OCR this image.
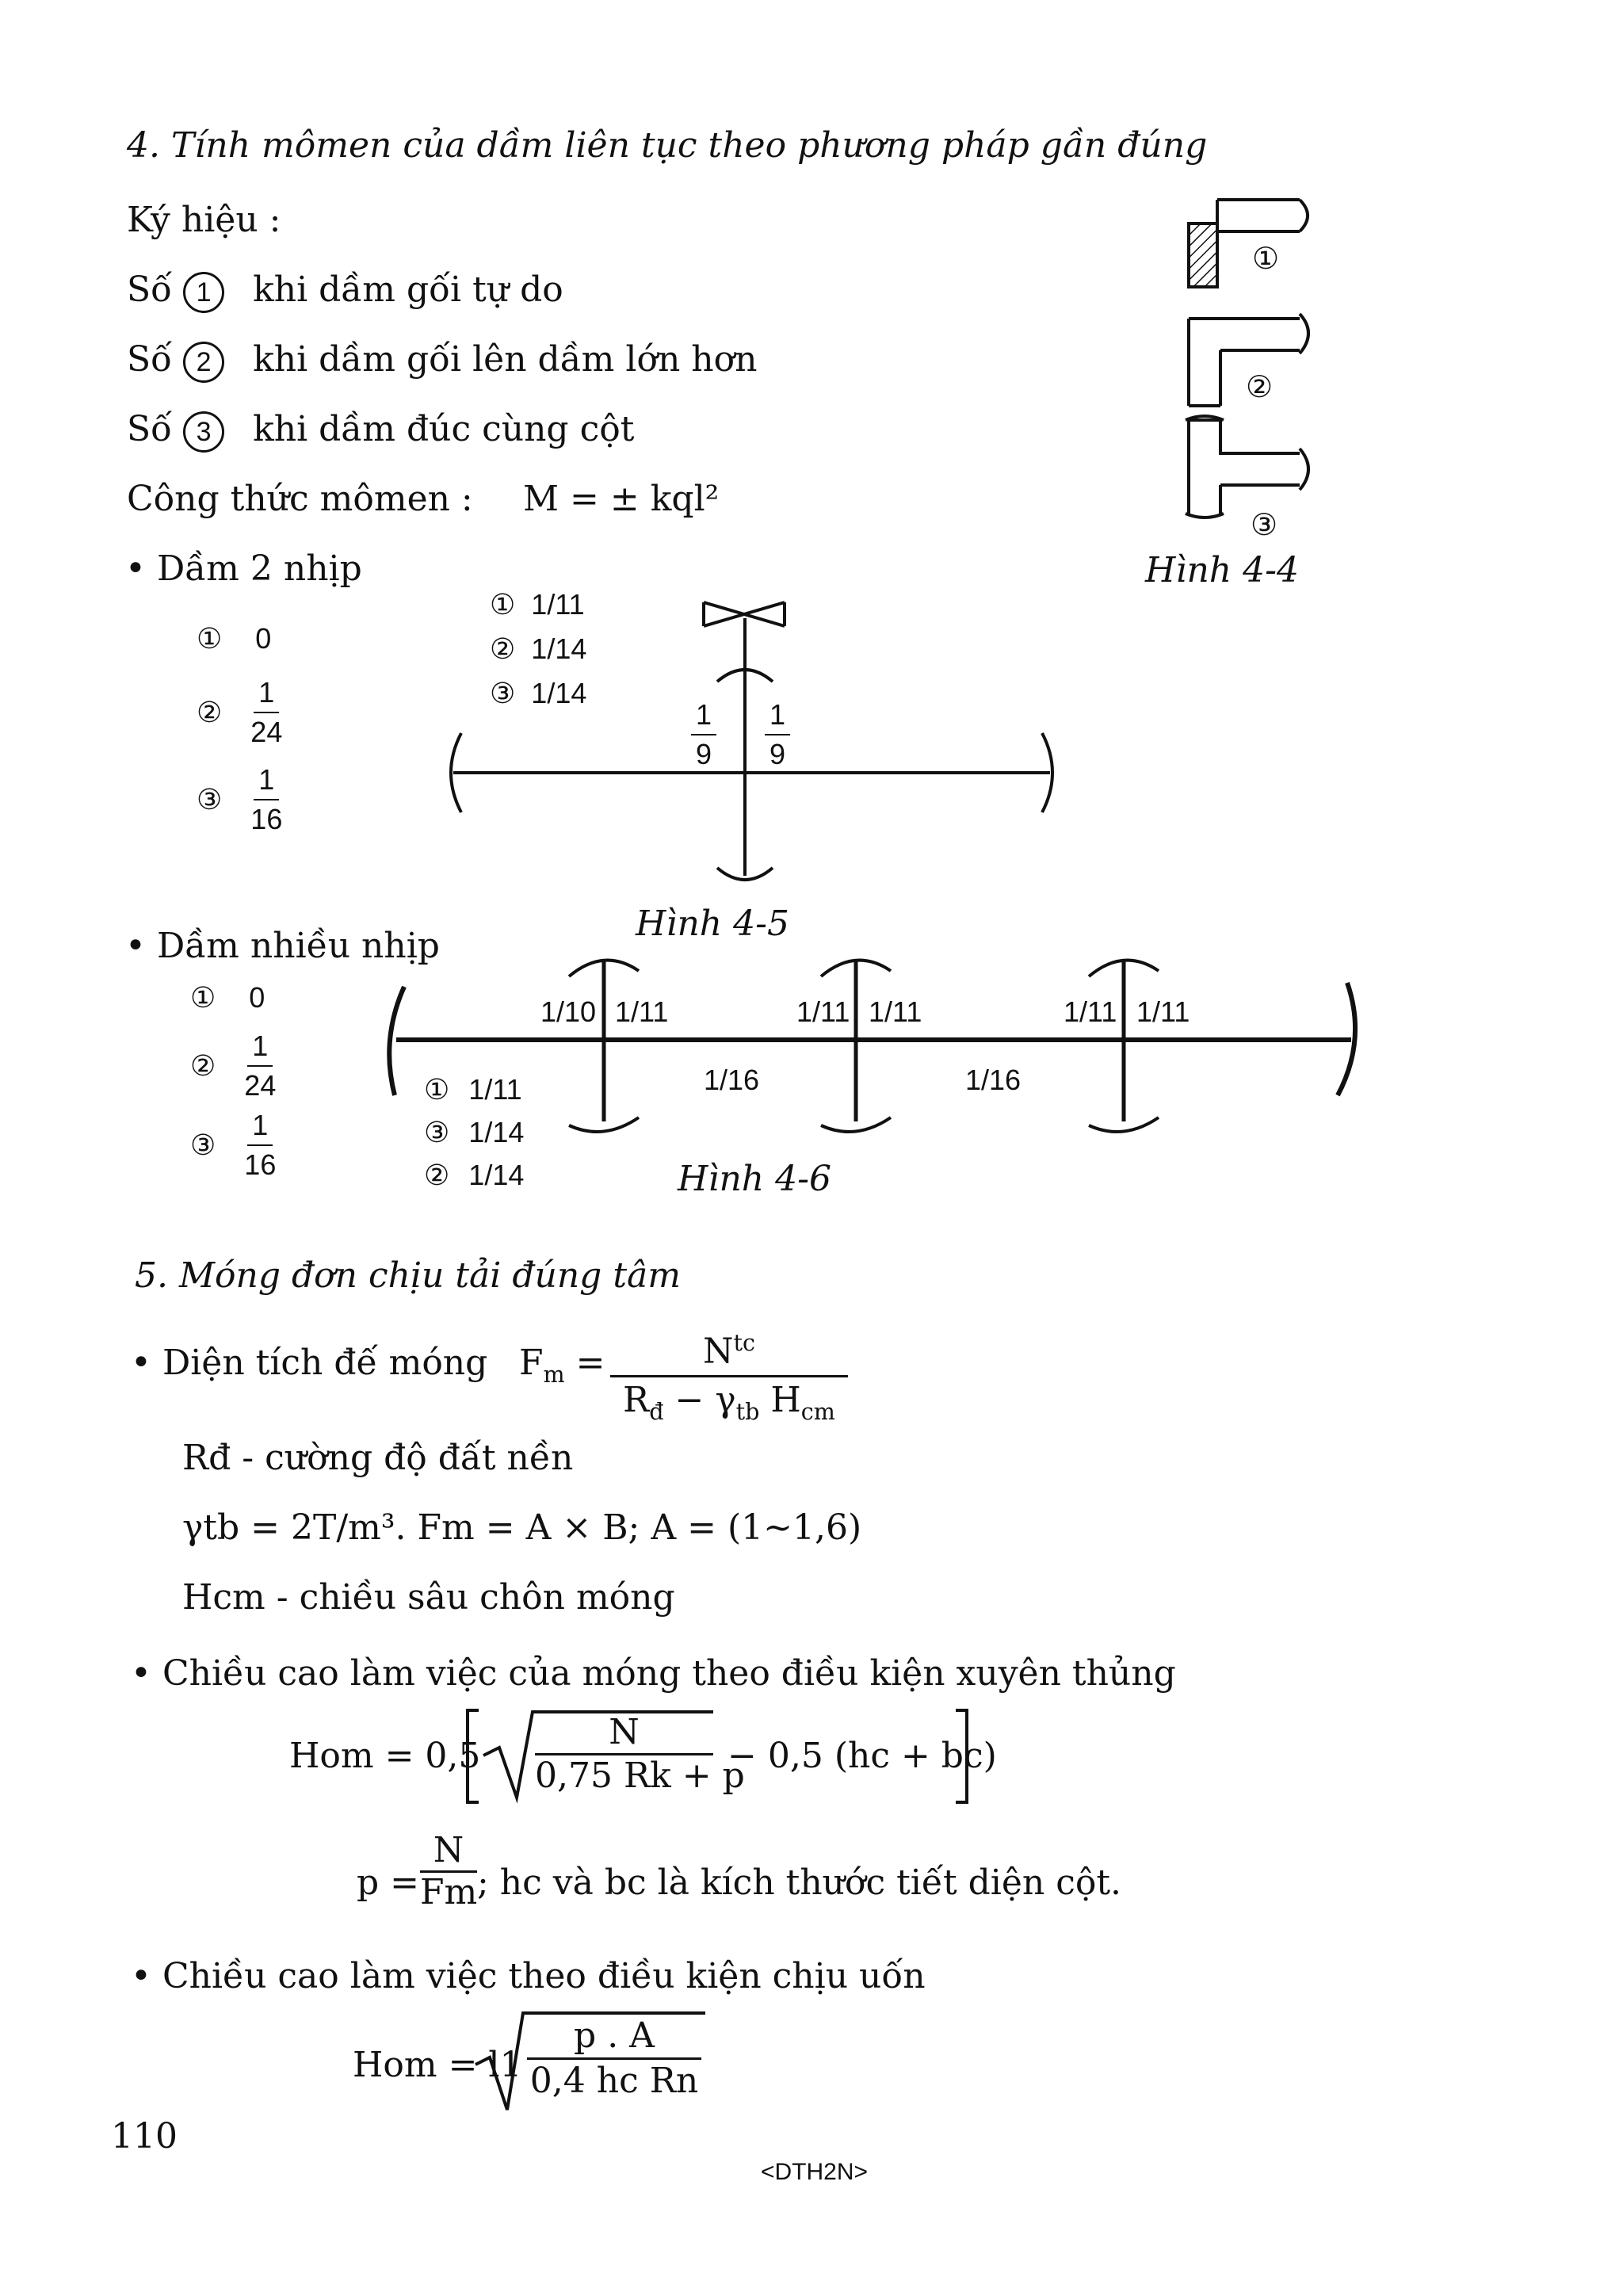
4. Tính mômen của dầm liên tục theo phương pháp gần đúng
Ký hiệu :
Số 1 khi dầm gối tự do
Số 2 khi dầm gối lên dầm lớn hơn
Số 3 khi dầm đúc cùng cột
Công thức mômen : M = ± kql²
①
②
③
Hình 4-4
• Dầm 2 nhịp
① 0
② $\frac{1}{24}$
③ $\frac{1}{16}$
① 1/11
② 1/14
③ 1/14
$\frac{1}{9} \frac{1}{9}$
Hình 4-5
• Dầm nhiều nhịp
① 0
② $\frac{1}{24}$
③ $\frac{1}{16}$
1/10 1/11	1/11 1/11	1/11 1/11
1/16	1/16
① 1/11
③ 1/14
② 1/14	Hình 4-6
5. Móng đơn chịu tải đúng tâm
• Diện tích đế móng $F_m$ =	$N^{tc}$
$R_đ - \gamma_{tb}$ $H_{cm}$
Rđ - cường độ đất nền
γtb = 2T/m³. Fm = A × B; A = (1~1,6)
Hcm - chiều sâu chôn móng
• Chiều cao làm việc của móng theo điều kiện xuyên thủng
Hom = 0,5
N
0,75 Rk + p
− 0,5 (hc + bc)
p =
N
Fm ; hc và bc là kích thước tiết diện cột.
• Chiều cao làm việc theo điều kiện chịu uốn
Hom = l1
p . A
0,4 hc Rn
110
<DTH2N>
